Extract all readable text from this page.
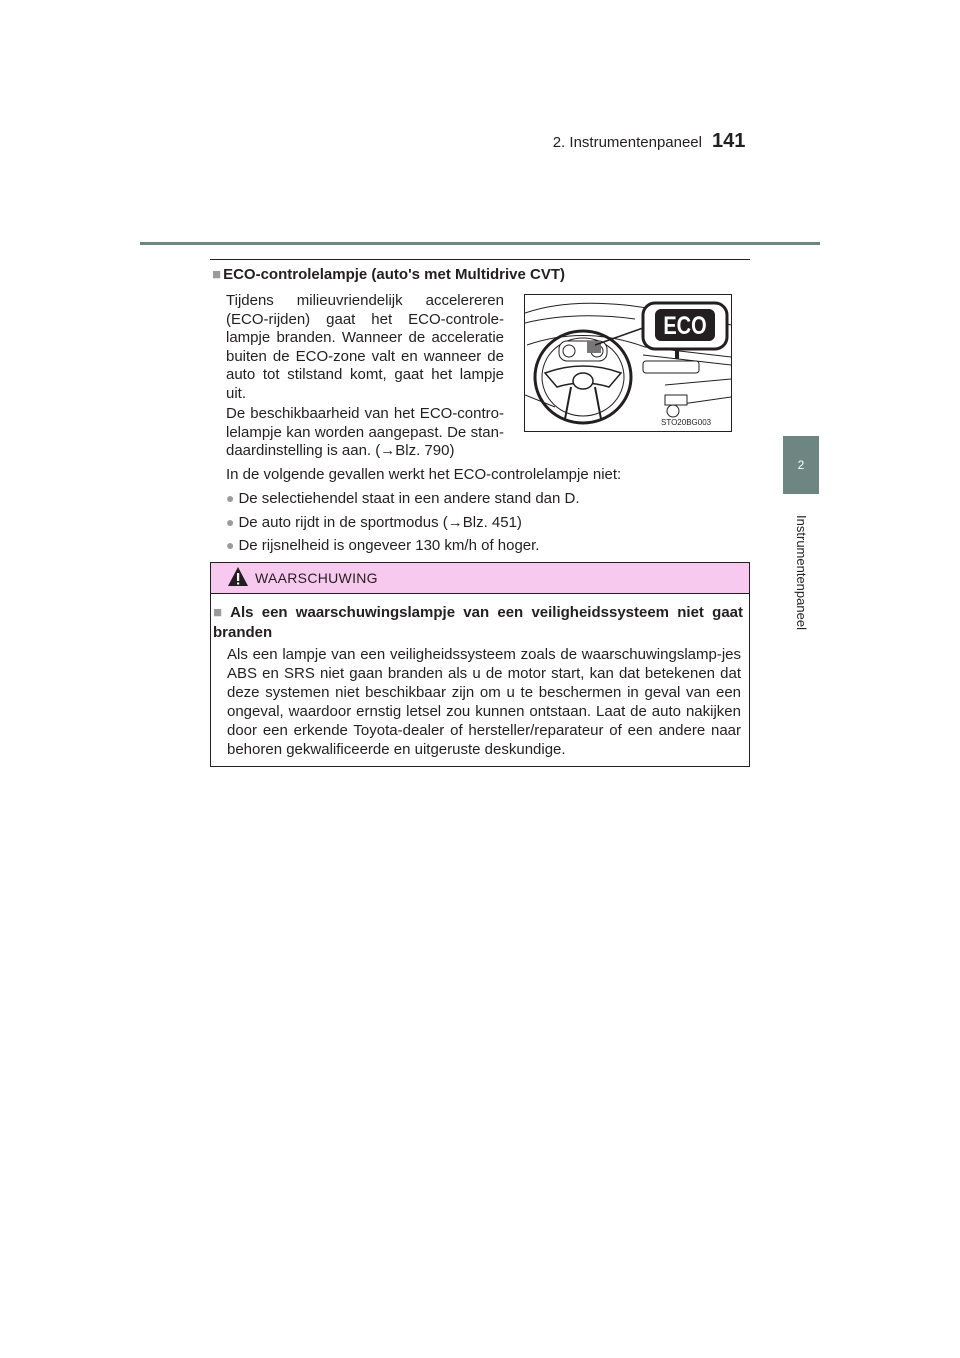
2. Instrumentenpaneel 141
2
Instrumentenpaneel
■ ECO-controlelampje (auto's met Multidrive CVT)
Tijdens milieuvriendelijk accelereren (ECO-rijden) gaat het ECO-controle-lampje branden. Wanneer de acceleratie buiten de ECO-zone valt en wanneer de auto tot stilstand komt, gaat het lampje uit.
De beschikbaarheid van het ECO-contro-lelampje kan worden aangepast. De stan-daardinstelling is aan. (→Blz. 790)
ECO
STO20BG003
In de volgende gevallen werkt het ECO-controlelampje niet:
● De selectiehendel staat in een andere stand dan D.
● De auto rijdt in de sportmodus (→Blz. 451)
● De rijsnelheid is ongeveer 130 km/h of hoger.
WAARSCHUWING
■ Als een waarschuwingslampje van een veiligheidssysteem niet gaat branden
Als een lampje van een veiligheidssysteem zoals de waarschuwingslamp-jes ABS en SRS niet gaan branden als u de motor start, kan dat betekenen dat deze systemen niet beschikbaar zijn om u te beschermen in geval van een ongeval, waardoor ernstig letsel zou kunnen ontstaan. Laat de auto nakijken door een erkende Toyota-dealer of hersteller/reparateur of een andere naar behoren gekwalificeerde en uitgeruste deskundige.
